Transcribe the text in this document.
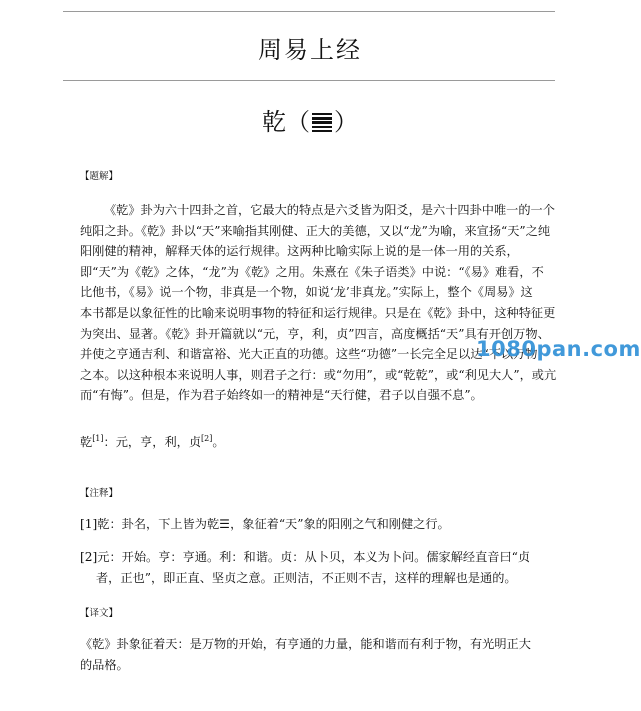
周易上经
乾（ ）
【题解】
《乾》卦为六十四卦之首，它最大的特点是六爻皆为阳爻，是六十四卦中唯一的一个
纯阳之卦。《乾》卦以“天”来喻指其刚健、正大的美德，又以“龙”为喻，来宣扬“天”之纯
阳刚健的精神，解释天体的运行规律。这两种比喻实际上说的是一体一用的关系，
即“天”为《乾》之体，“龙”为《乾》之用。朱熹在《朱子语类》中说：“《易》难看，不
比他书，《易》说一个物，非真是一个物，如说‘龙’非真龙。”实际上，整个《周易》这
本书都是以象征性的比喻来说明事物的特征和运行规律。只是在《乾》卦中，这种特征更
为突出、显著。《乾》卦开篇就以“元，亨，利，贞”四言，高度概括“天”具有开创万物、
并使之亨通吉利、和谐富裕、光大正直的功德。这些“功德”一长完全足以达“不以万物
之本。以这种根本来说明人事，则君子之行：或“勿用”，或“乾乾”，或“利见大人”，或亢
而“有悔”。但是，作为君子始终如一的精神是“天行健，君子以自强不息”。
乾[1]：元，亨，利，贞[2]。
【注释】
[1]乾：卦名，下上皆为乾☰，象征着“天”象的阳刚之气和刚健之行。
[2]元：开始。亨：亨通。利：和谐。贞：从卜贝，本义为卜问。儒家解经直音曰“贞
者，正也”，即正直、坚贞之意。正则洁，不正则不吉，这样的理解也是通的。
【译文】
《乾》卦象征着天：是万物的开始，有亨通的力量，能和谐而有利于物，有光明正大
的品格。
1080pan.com
